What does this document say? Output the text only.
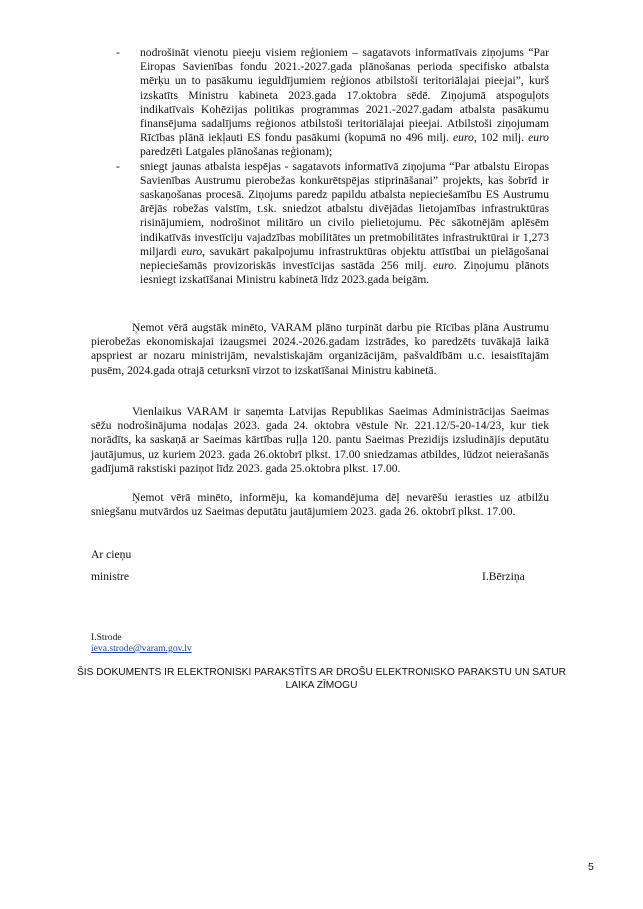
- nodrošināt vienotu pieeju visiem reģioniem – sagatavots informatīvais ziņojums “Par Eiropas Savienības fondu 2021.-2027.gada plānošanas perioda specifisko atbalsta mērķu un to pasākumu ieguldījumiem reģionos atbilstoši teritoriālajai pieejai”, kurš izskatīts Ministru kabineta 2023.gada 17.oktobra sēdē. Ziņojumā atspoguļots indikatīvais Kohēzijas politikas programmas 2021.-2027.gadam atbalsta pasākumu finansējuma sadalījums reģionos atbilstoši teritoriālajai pieejai. Atbilstoši ziņojumam Rīcības plānā iekļauti ES fondu pasākumi (kopumā no 496 milj. euro, 102 milj. euro paredzēti Latgales plānošanas reģionam);
- sniegt jaunas atbalsta iespējas - sagatavots informatīvā ziņojuma “Par atbalstu Eiropas Savienības Austrumu pierobežas konkurētspējas stiprināšanai” projekts, kas šobrīd ir saskaņošanas procesā. Ziņojums paredz papildu atbalsta nepieciešamību ES Austrumu ārējās robežas valstīm, t.sk. sniedzot atbalstu divējādas lietojamības infrastruktūras risinājumiem, nodrošinot militāro un civilo pielietojumu. Pēc sākotnējām aplēsēm indikatīvās investīciju vajadzības mobilitātes un pretmobilitātes infrastruktūrai ir 1,273 miljardi euro, savukārt pakalpojumu infrastruktūras objektu attīstībai un pielāgošanai nepieciešamās provizoriskās investīcijas sastāda 256 milj. euro. Ziņojumu plānots iesniegt izskatīšanai Ministru kabinetā līdz 2023.gada beigām.

Ņemot vērā augstāk minēto, VARAM plāno turpināt darbu pie Rīcības plāna Austrumu pierobežas ekonomiskajai izaugsmei 2024.-2026.gadam izstrādes, ko paredzēts tuvākajā laikā apspriest ar nozaru ministrijām, nevalstiskajām organizācijām, pašvaldībām u.c. iesaistītajām pusēm, 2024.gada otrajā ceturksnī virzot to izskatīšanai Ministru kabinetā.

Vienlaikus VARAM ir saņemta Latvijas Republikas Saeimas Administrācijas Saeimas sēžu nodrošinājuma nodaļas 2023. gada 24. oktobra vēstule Nr. 221.12/5-20-14/23, kur tiek norādīts, ka saskaņā ar Saeimas kārtības ruļļa 120. pantu Saeimas Prezidijs izsludinājis deputātu jautājumus, uz kuriem 2023. gada 26.oktobrī plkst. 17.00 sniedzamas atbildes, lūdzot neierašanās gadījumā rakstiski paziņot līdz 2023. gada 25.oktobra plkst. 17.00.

Ņemot vērā minēto, informēju, ka komandējuma dēļ nevarēšu ierasties uz atbilžu sniegšanu mutvārdos uz Saeimas deputātu jautājumiem 2023. gada 26. oktobrī plkst. 17.00.

Ar cieņu
ministre	I.Bērziņa
I.Strode
ieva.strode@varam.gov.lv
ŠIS DOKUMENTS IR ELEKTRONISKI PARAKSTĪTS AR DROŠU ELEKTRONISKO PARAKSTU UN SATUR LAIKA ZĪMOGU
5
